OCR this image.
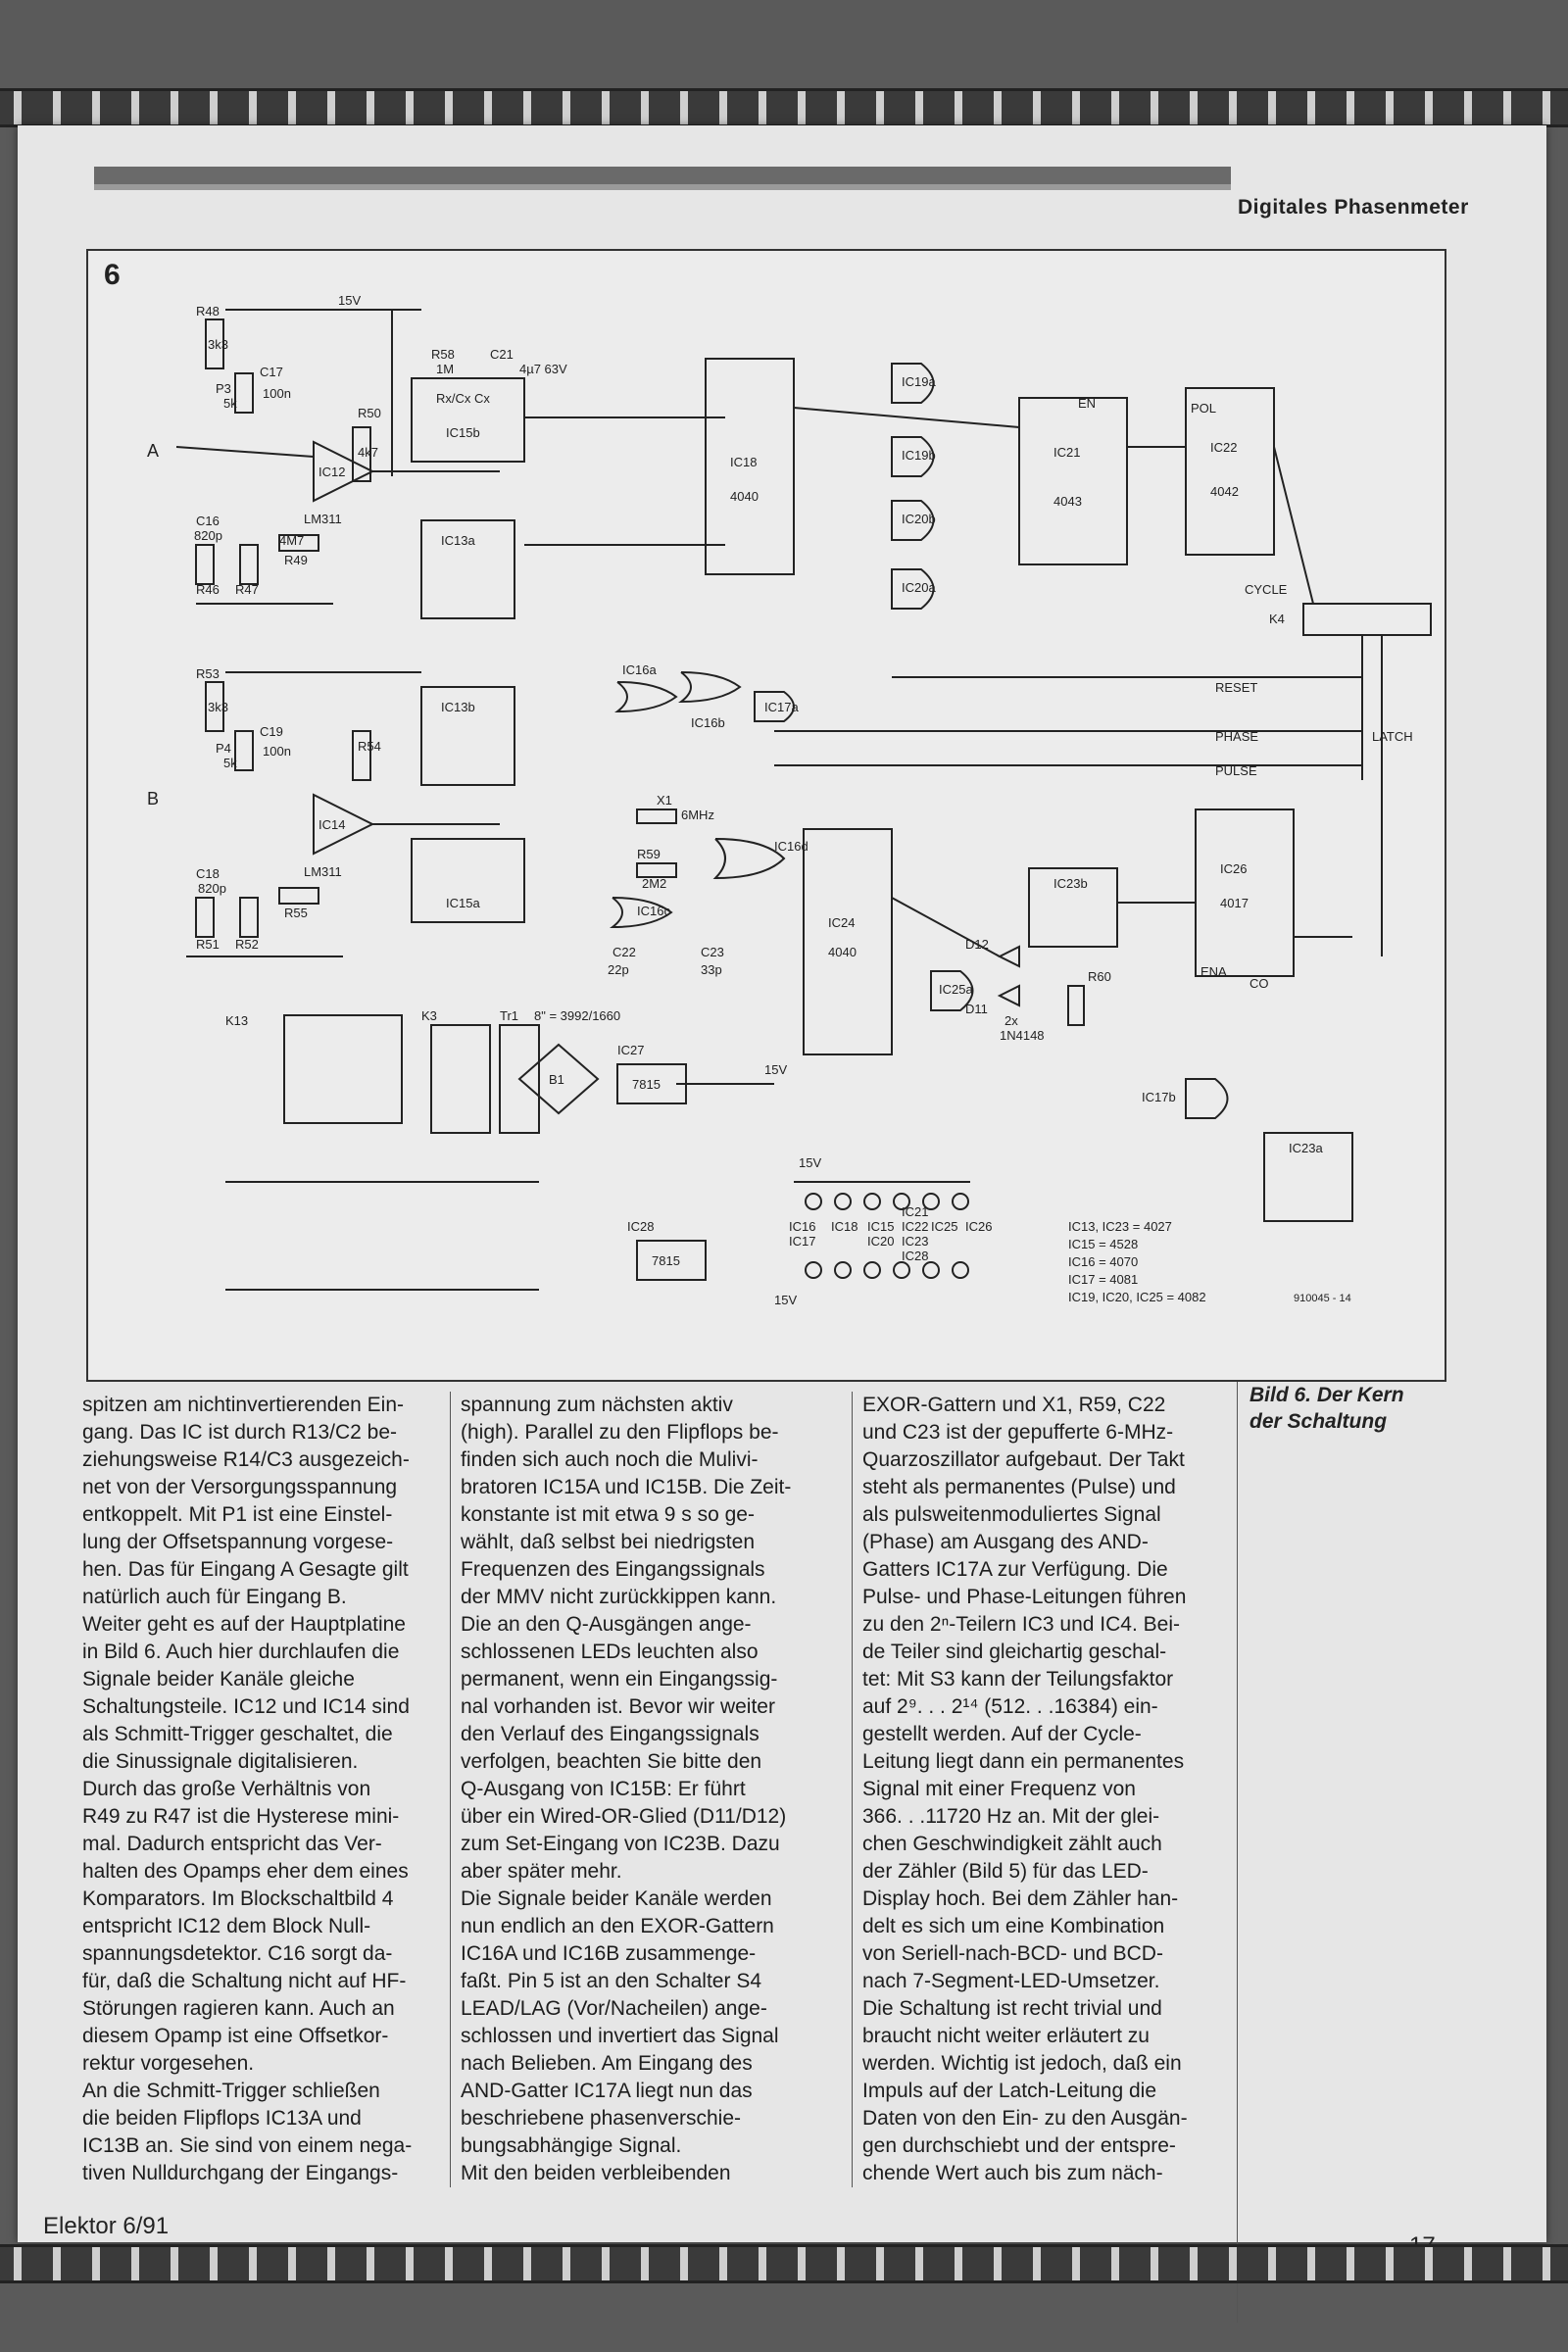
Digitales Phasenmeter
6
R48
3k3
P3
5k
C17
100n
IC12
LM311
R50
4k7
A
C16
820p
R46 R47
R49
4M7
15V
R53
3k3
P4
5k
C19
100n
IC14
LM311
R54
B
C18
820p
R51 R52
R55
R58
1M
C21
4µ7 63V
Rx/Cx Cx
IC15b
IC13a
IC13b
IC15a
IC16a
IC16b
IC17a
IC16d
IC16c
X1
6MHz
R59
2M2
C22
22p
C23
33p
IC18
4040
IC24
4040
IC21
4043
IC22
4042
IC26
4017
IC23b
IC23a
IC19a
IC19b
IC20b
IC20a
IC25a
IC17b
D12
D11
2x
1N4148
R60
CYCLE
K4
RESET
PHASE
PULSE
LATCH
EN	POL
ENA
CO
K13	K3	Tr1 8" = 3992/1660
B1
IC27
7815
IC28
7815
15V
15V
15V
IC16
IC17
IC18 IC15
IC21
IC22
IC20 IC23
IC28
IC25 IC26	IC13, IC23 = 4027
IC15 = 4528
IC16 = 4070
IC17 = 4081
IC19, IC20, IC25 = 4082	910045 - 14
spitzen am nichtinvertierenden Ein-
gang. Das IC ist durch R13/C2 be-
ziehungsweise R14/C3 ausgezeich-
net von der Versorgungsspannung
entkoppelt. Mit P1 ist eine Einstel-
lung der Offsetspannung vorgese-
hen. Das für Eingang A Gesagte gilt
natürlich auch für Eingang B.
Weiter geht es auf der Hauptplatine
in Bild 6. Auch hier durchlaufen die
Signale beider Kanäle gleiche
Schaltungsteile. IC12 und IC14 sind
als Schmitt-Trigger geschaltet, die
die Sinussignale digitalisieren.
Durch das große Verhältnis von
R49 zu R47 ist die Hysterese mini-
mal. Dadurch entspricht das Ver-
halten des Opamps eher dem eines
Komparators. Im Blockschaltbild 4
entspricht IC12 dem Block Null-
spannungsdetektor. C16 sorgt da-
für, daß die Schaltung nicht auf HF-
Störungen ragieren kann. Auch an
diesem Opamp ist eine Offsetkor-
rektur vorgesehen.
An die Schmitt-Trigger schließen
die beiden Flipflops IC13A und
IC13B an. Sie sind von einem nega-
tiven Nulldurchgang der Eingangs-
spannung zum nächsten aktiv
(high). Parallel zu den Flipflops be-
finden sich auch noch die Mulivi-
bratoren IC15A und IC15B. Die Zeit-
konstante ist mit etwa 9 s so ge-
wählt, daß selbst bei niedrigsten
Frequenzen des Eingangssignals
der MMV nicht zurückkippen kann.
Die an den Q-Ausgängen ange-
schlossenen LEDs leuchten also
permanent, wenn ein Eingangssig-
nal vorhanden ist. Bevor wir weiter
den Verlauf des Eingangssignals
verfolgen, beachten Sie bitte den
Q-Ausgang von IC15B: Er führt
über ein Wired-OR-Glied (D11/D12)
zum Set-Eingang von IC23B. Dazu
aber später mehr.
Die Signale beider Kanäle werden
nun endlich an den EXOR-Gattern
IC16A und IC16B zusammenge-
faßt. Pin 5 ist an den Schalter S4
LEAD/LAG (Vor/Nacheilen) ange-
schlossen und invertiert das Signal
nach Belieben. Am Eingang des
AND-Gatter IC17A liegt nun das
beschriebene phasenverschie-
bungsabhängige Signal.
Mit den beiden verbleibenden
EXOR-Gattern und X1, R59, C22
und C23 ist der gepufferte 6-MHz-
Quarzoszillator aufgebaut. Der Takt
steht als permanentes (Pulse) und
als pulsweitenmoduliertes Signal
(Phase) am Ausgang des AND-
Gatters IC17A zur Verfügung. Die
Pulse- und Phase-Leitungen führen
zu den 2ⁿ-Teilern IC3 und IC4. Bei-
de Teiler sind gleichartig geschal-
tet: Mit S3 kann der Teilungsfaktor
auf 2⁹. . . 2¹⁴ (512. . .16384) ein-
gestellt werden. Auf der Cycle-
Leitung liegt dann ein permanentes
Signal mit einer Frequenz von
366. . .11720 Hz an. Mit der glei-
chen Geschwindigkeit zählt auch
der Zähler (Bild 5) für das LED-
Display hoch. Bei dem Zähler han-
delt es sich um eine Kombination
von Seriell-nach-BCD- und BCD-
nach 7-Segment-LED-Umsetzer.
Die Schaltung ist recht trivial und
braucht nicht weiter erläutert zu
werden. Wichtig ist jedoch, daß ein
Impuls auf der Latch-Leitung die
Daten von den Ein- zu den Ausgän-
gen durchschiebt und der entspre-
chende Wert auch bis zum näch-
Bild 6. Der Kern
der Schaltung
Elektor 6/91
